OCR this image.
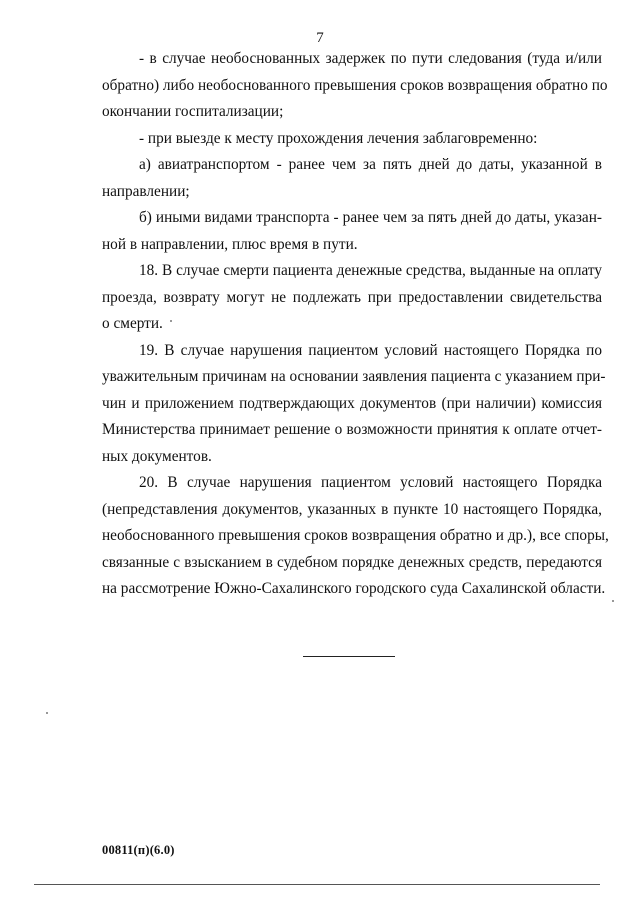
7
- в случае необоснованных задержек по пути следования (туда и/или
обратно) либо необоснованного превышения сроков возвращения обратно по
окончании госпитализации;
- при выезде к месту прохождения лечения заблаговременно:
а) авиатранспортом - ранее чем за пять дней до даты, указанной в
направлении;
б) иными видами транспорта - ранее чем за пять дней до даты, указан-
ной в направлении, плюс время в пути.
18. В случае смерти пациента денежные средства, выданные на оплату
проезда, возврату могут не подлежать при предоставлении свидетельства
о смерти.
19. В случае нарушения пациентом условий настоящего Порядка по
уважительным причинам на основании заявления пациента с указанием при-
чин и приложением подтверждающих документов (при наличии) комиссия
Министерства принимает решение о возможности принятия к оплате отчет-
ных документов.
20. В случае нарушения пациентом условий настоящего Порядка
(непредставления документов, указанных в пункте 10 настоящего Порядка,
необоснованного превышения сроков возвращения обратно и др.), все споры,
связанные с взысканием в судебном порядке денежных средств, передаются
на рассмотрение Южно-Сахалинского городского суда Сахалинской области.
00811(п)(6.0)
